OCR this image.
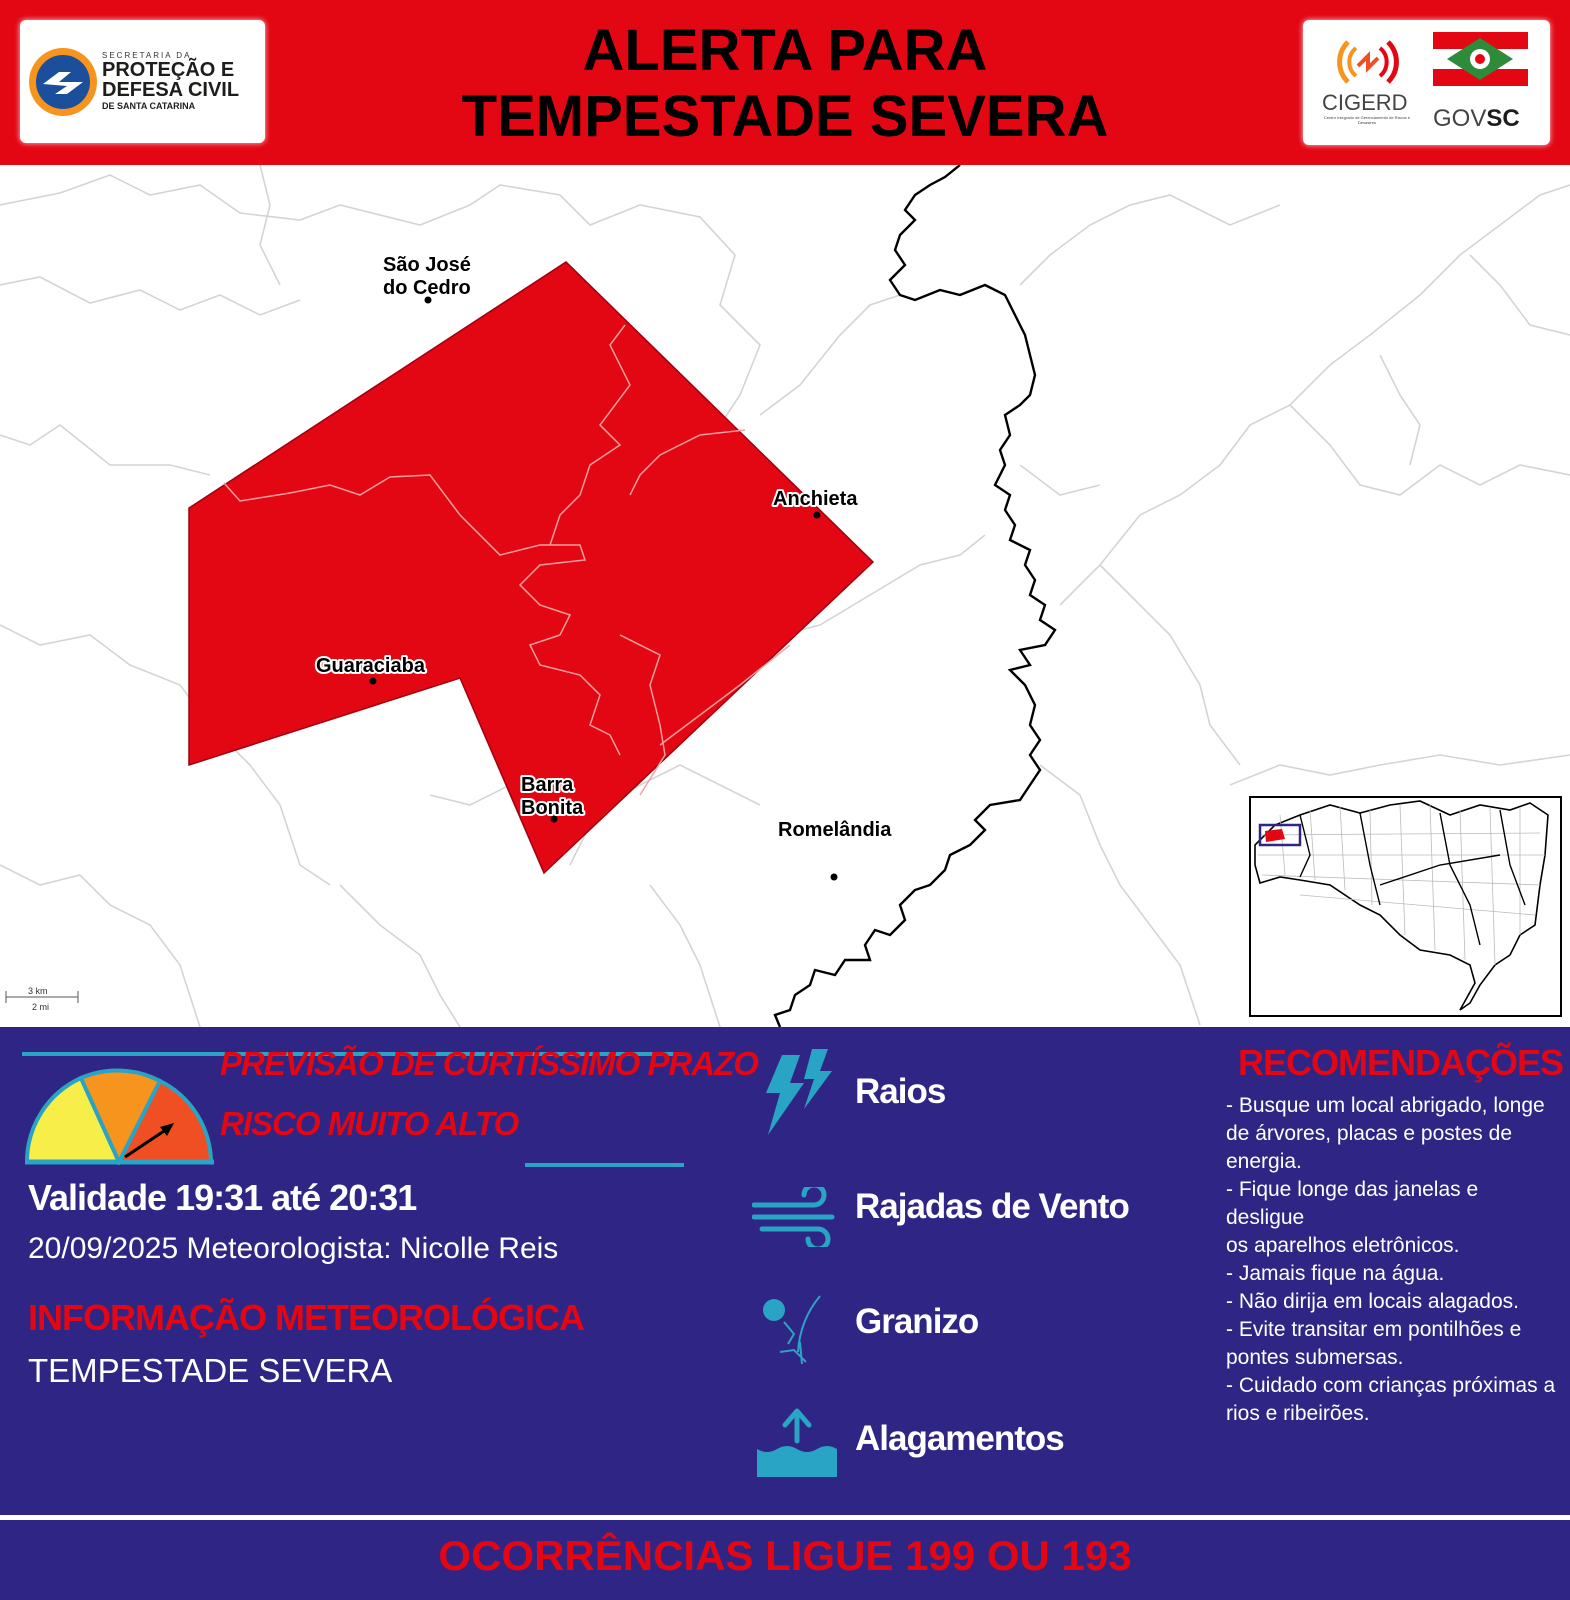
SECRETARIA DA
PROTEÇÃO E
DEFESA CIVIL
DE SANTA CATARINA
ALERTA PARA
TEMPESTADE SEVERA	CIGERD
Centro Integrado de Gerenciamento de Riscos e Desastres	GOVSC
São José
do Cedro
Anchieta
Guaraciaba
Barra
Bonita
Romelândia
3 km
2 mi
PREVISÃO DE CURTÍSSIMO PRAZO
RISCO MUITO ALTO
Validade 19:31 até 20:31
20/09/2025 Meteorologista: Nicolle Reis
INFORMAÇÃO METEOROLÓGICA
TEMPESTADE SEVERA
Raios
Rajadas de Vento
Granizo
Alagamentos
RECOMENDAÇÕES
- Busque um local abrigado, longe
de árvores, placas e postes de
energia.
- Fique longe das janelas e desligue
os aparelhos eletrônicos.
- Jamais fique na água.
- Não dirija em locais alagados.
- Evite transitar em pontilhões e
pontes submersas.
- Cuidado com crianças próximas a
rios e ribeirões.
OCORRÊNCIAS LIGUE 199 OU 193
